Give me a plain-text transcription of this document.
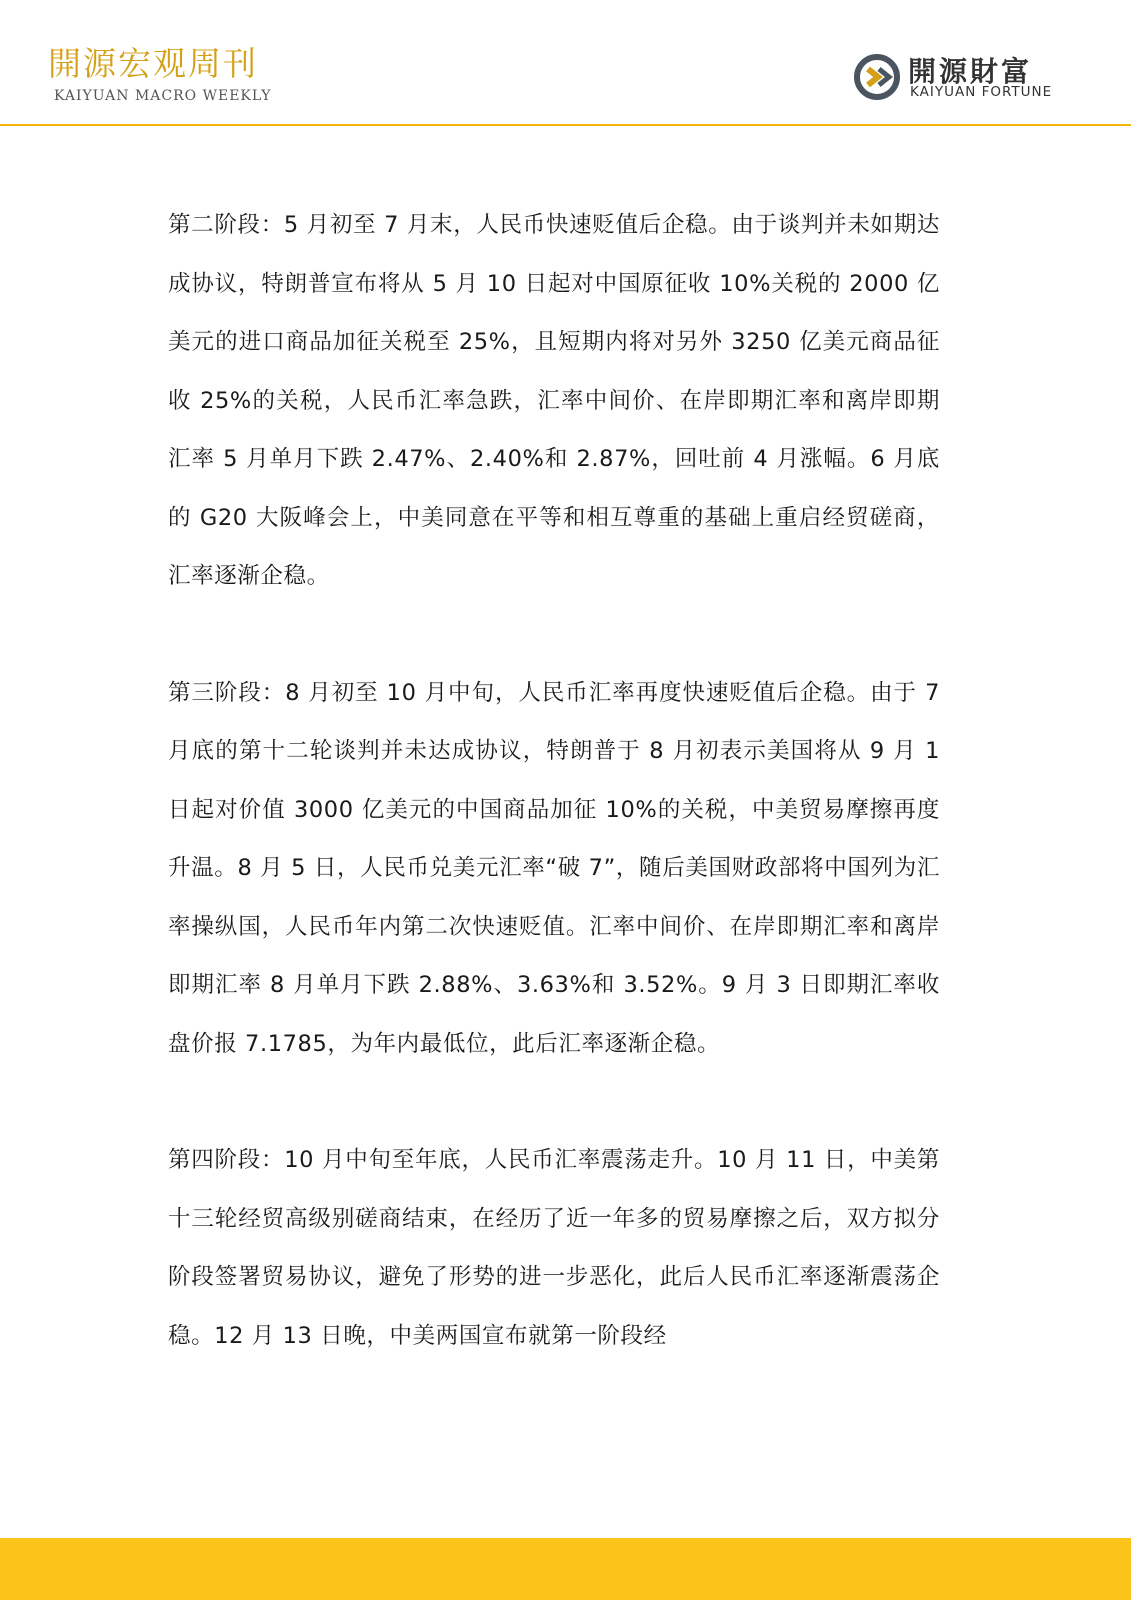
開源宏观周刊
KAIYUAN MACRO WEEKLY
開源財富
KAIYUAN FORTUNE

第二阶段：5 月初至 7 月末，人民币快速贬值后企稳。由于谈判并未如期达成协议，特朗普宣布将从 5 月 10 日起对中国原征收 10%关税的 2000 亿美元的进口商品加征关税至 25%，且短期内将对另外 3250 亿美元商品征收 25%的关税，人民币汇率急跌，汇率中间价、在岸即期汇率和离岸即期汇率 5 月单月下跌 2.47%、2.40%和 2.87%，回吐前 4 月涨幅。6 月底的 G20 大阪峰会上，中美同意在平等和相互尊重的基础上重启经贸磋商，汇率逐渐企稳。

第三阶段：8 月初至 10 月中旬，人民币汇率再度快速贬值后企稳。由于 7 月底的第十二轮谈判并未达成协议，特朗普于 8 月初表示美国将从 9 月 1 日起对价值 3000 亿美元的中国商品加征 10%的关税，中美贸易摩擦再度升温。8 月 5 日，人民币兑美元汇率“破 7”，随后美国财政部将中国列为汇率操纵国，人民币年内第二次快速贬值。汇率中间价、在岸即期汇率和离岸即期汇率 8 月单月下跌 2.88%、3.63%和 3.52%。9 月 3 日即期汇率收盘价报 7.1785，为年内最低位，此后汇率逐渐企稳。

第四阶段：10 月中旬至年底，人民币汇率震荡走升。10 月 11 日，中美第十三轮经贸高级别磋商结束，在经历了近一年多的贸易摩擦之后，双方拟分阶段签署贸易协议，避免了形势的进一步恶化，此后人民币汇率逐渐震荡企稳。12 月 13 日晚，中美两国宣布就第一阶段经
